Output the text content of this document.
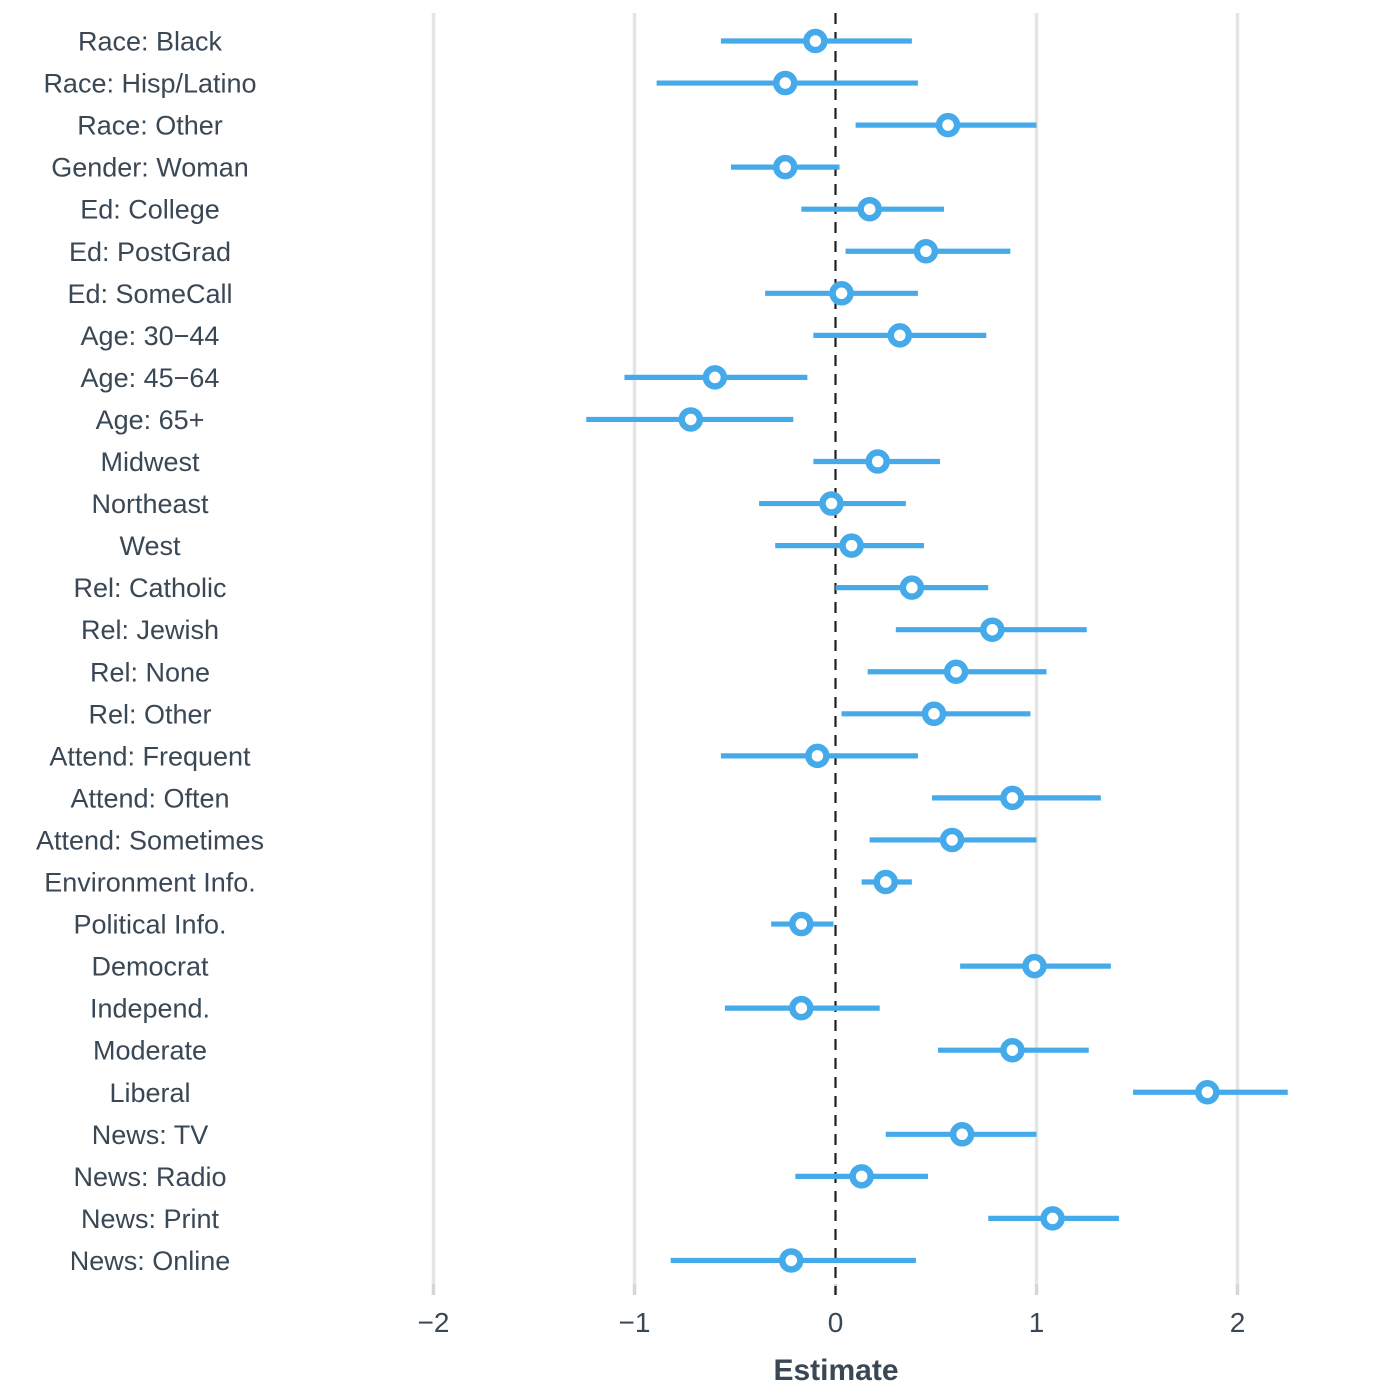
Race: Black
Race: Hisp/Latino
Race: Other
Gender: Woman
Ed: College
Ed: PostGrad
Ed: SomeCall
Age: 30−44
Age: 45−64
Age: 65+
Midwest
Northeast
West
Rel: Catholic
Rel: Jewish
Rel: None
Rel: Other
Attend: Frequent
Attend: Often
Attend: Sometimes
Environment Info.
Political Info.
Democrat
Independ.
Moderate
Liberal
News: TV
News: Radio
News: Print
News: Online
−2	−1	0	1	2
Estimate
